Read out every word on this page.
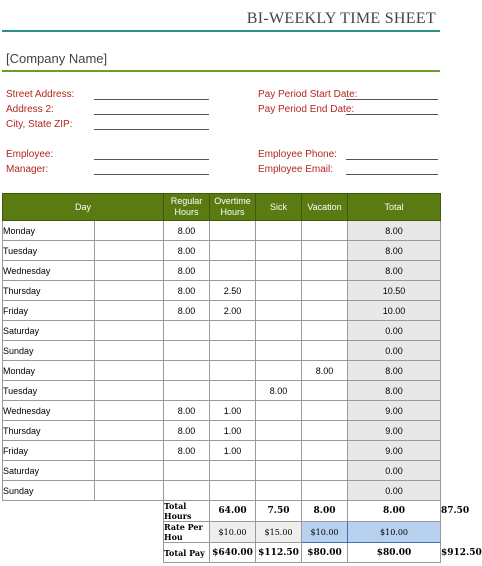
BI-WEEKLY TIME SHEET
[Company Name]
Street Address:
Address 2:
City, State ZIP:
Employee:
Manager:
Pay Period Start Date:
Pay Period End Date:
Employee Phone:
Employee Email:
Day		Regular Hours	Overtime Hours	Sick	Vacation	Total	
Monday		8.00				8.00	
Tuesday		8.00				8.00	
Wednesday		8.00				8.00	
Thursday		8.00	2.50			10.50	
Friday		8.00	2.00			10.00	
Saturday						0.00	
Sunday						0.00	
Monday					8.00	8.00	
Tuesday				8.00		8.00	
Wednesday		8.00	1.00			9.00	
Thursday		8.00	1.00			9.00	
Friday		8.00	1.00			9.00	
Saturday						0.00	
Sunday						0.00	
		Total Hours	64.00	7.50	8.00	8.00	87.50
		Rate Per Hou	$10.00	$15.00	$10.00	$10.00	
		Total Pay	$640.00	$112.50	$80.00	$80.00	$912.50
